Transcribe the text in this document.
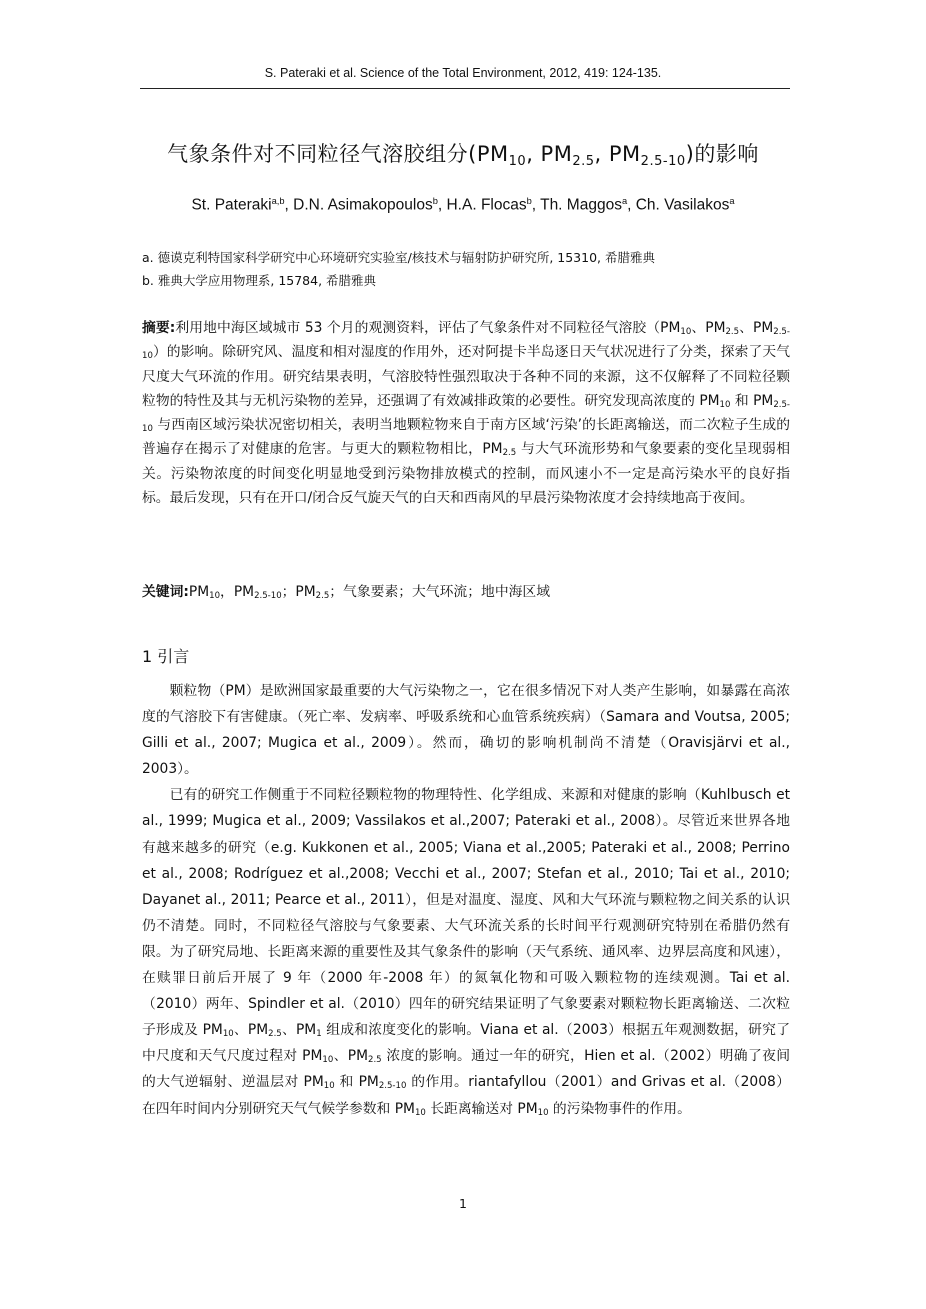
S. Pateraki et al. Science of the Total Environment, 2012, 419: 124-135.
气象条件对不同粒径气溶胶组分($PM_{10}$, $PM_{2.5}$, $PM_{2.5-10}$)的影响
St. Pateraki$^{a,b}$, D.N. Asimakopoulos$^b$, H.A. Flocas$^b$, Th. Maggos$^a$, Ch. Vasilakos$^a$
a. 德谟克利特国家科学研究中心环境研究实验室/核技术与辐射防护研究所, 15310, 希腊雅典
b. 雅典大学应用物理系, 15784, 希腊雅典
摘要:利用地中海区域城市 53 个月的观测资料，评估了气象条件对不同粒径气溶胶（$PM_{10}$、$PM_{2.5}$、$PM_{2.5-10}$）的影响。除研究风、温度和相对湿度的作用外，还对阿提卡半岛逐日天气状况进行了分类，探索了天气尺度大气环流的作用。研究结果表明，气溶胶特性强烈取决于各种不同的来源，这不仅解释了不同粒径颗粒物的特性及其与无机污染物的差异，还强调了有效减排政策的必要性。研究发现高浓度的 $PM_{10}$ 和 $PM_{2.5-10}$ 与西南区域污染状况密切相关，表明当地颗粒物来自于南方区域‘污染’的长距离输送，而二次粒子生成的普遍存在揭示了对健康的危害。与更大的颗粒物相比，$PM_{2.5}$ 与大气环流形势和气象要素的变化呈现弱相关。污染物浓度的时间变化明显地受到污染物排放模式的控制，而风速小不一定是高污染水平的良好指标。最后发现，只有在开口/闭合反气旋天气的白天和西南风的早晨污染物浓度才会持续地高于夜间。
关键词$:PM_{10}$，$PM_{2.5-10}$；$PM_{2.5}$；气象要素；大气环流；地中海区域
1 引言

颗粒物（PM）是欧洲国家最重要的大气污染物之一，它在很多情况下对人类产生影响，如暴露在高浓度的气溶胶下有害健康。（死亡率、发病率、呼吸系统和心血管系统疾病）（Samara and Voutsa, 2005; Gilli et al., 2007; Mugica et al., 2009）。然而，确切的影响机制尚不清楚（Oravisjärvi et al., 2003）。

已有的研究工作侧重于不同粒径颗粒物的物理特性、化学组成、来源和对健康的影响（Kuhlbusch et al., 1999; Mugica et al., 2009; Vassilakos et al.,2007; Pateraki et al., 2008）。尽管近来世界各地有越来越多的研究（e.g. Kukkonen et al., 2005; Viana et al.,2005; Pateraki et al., 2008; Perrino et al., 2008; Rodríguez et al.,2008; Vecchi et al., 2007; Stefan et al., 2010; Tai et al., 2010; Dayanet al., 2011; Pearce et al., 2011），但是对温度、湿度、风和大气环流与颗粒物之间关系的认识仍不清楚。同时，不同粒径气溶胶与气象要素、大气环流关系的长时间平行观测研究特别在希腊仍然有限。为了研究局地、长距离来源的重要性及其气象条件的影响（天气系统、通风率、边界层高度和风速），在赎罪日前后开展了 9 年（2000 年-2008 年）的氮氧化物和可吸入颗粒物的连续观测。Tai et al.（2010）两年、Spindler et al.（2010）四年的研究结果证明了气象要素对颗粒物长距离输送、二次粒子形成及 $PM_{10}$、$PM_{2.5}$、$PM_1$ 组成和浓度变化的影响。Viana et al.（2003）根据五年观测数据，研究了中尺度和天气尺度过程对 $PM_{10}$、$PM_{2.5}$ 浓度的影响。通过一年的研究，Hien et al.（2002）明确了夜间的大气逆辐射、逆温层对 $PM_{10}$ 和 $PM_{2.5-10}$ 的作用。riantafyllou（2001）and Grivas et al.（2008）在四年时间内分别研究天气气候学参数和 $PM_{10}$ 长距离输送对 $PM_{10}$ 的污染物事件的作用。

1
